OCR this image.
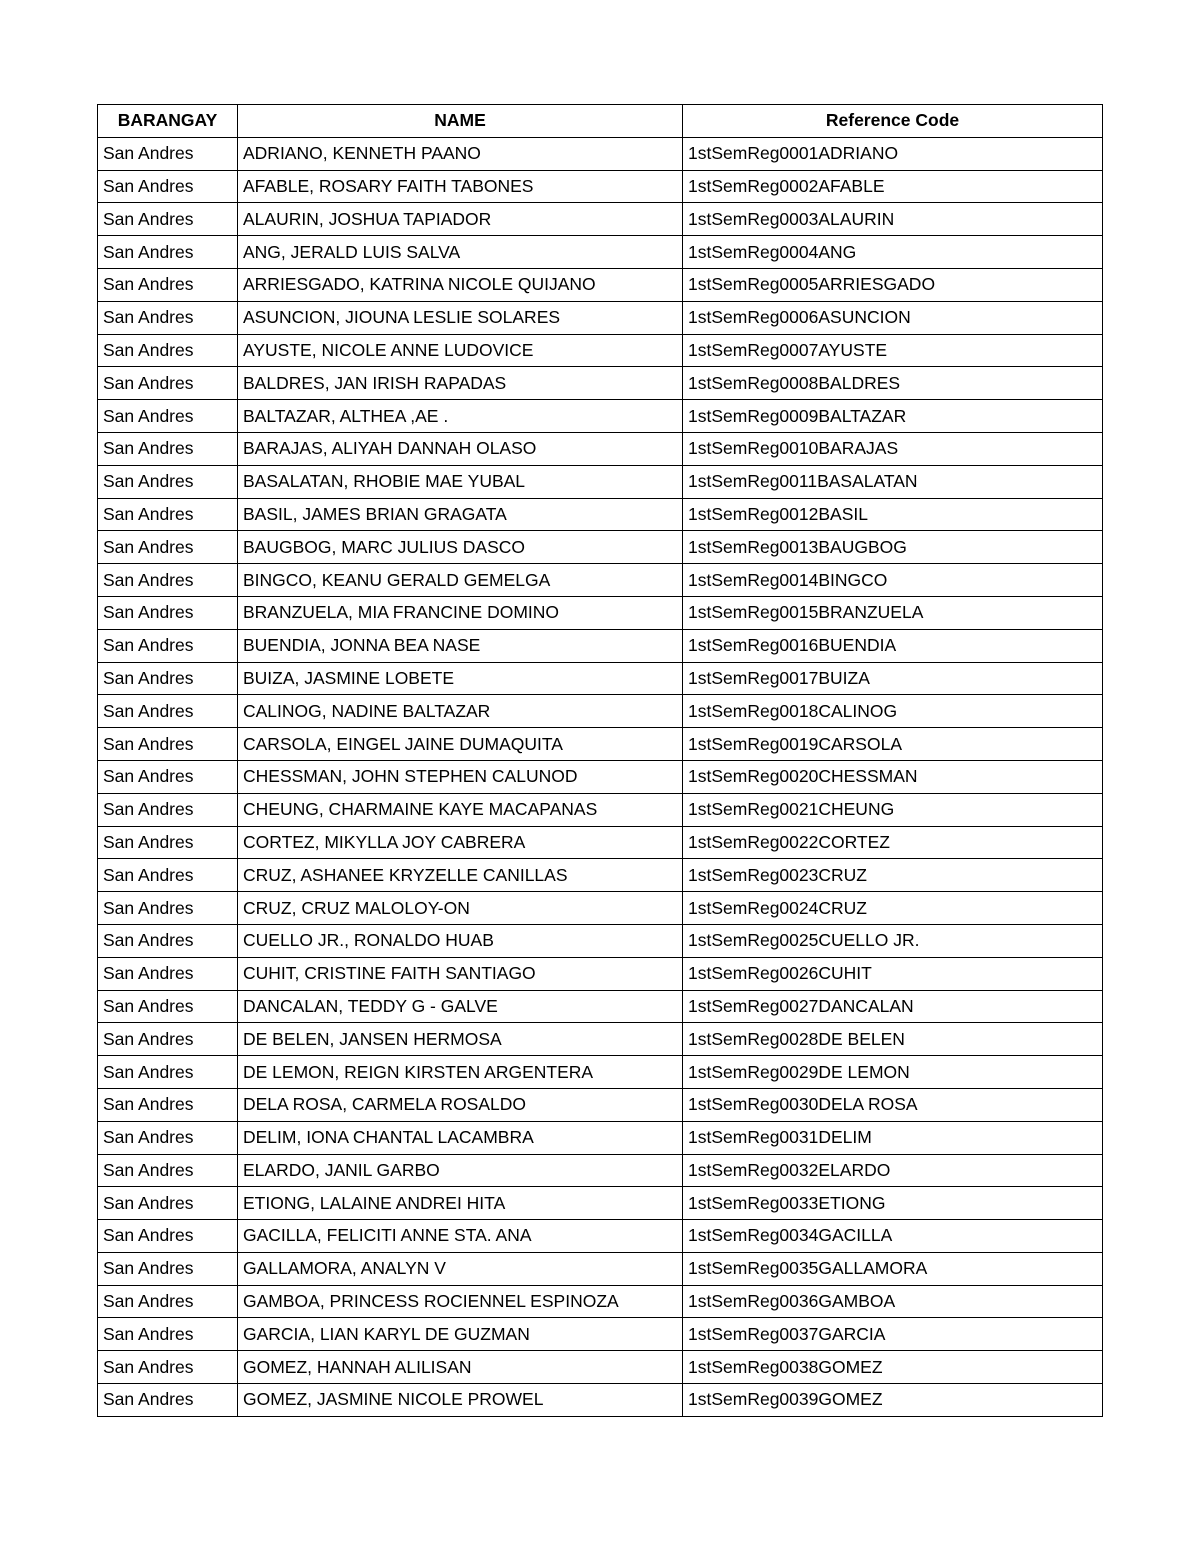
BARANGAY	NAME	Reference Code
San Andres	ADRIANO, KENNETH PAANO	1stSemReg0001ADRIANO
San Andres	AFABLE, ROSARY FAITH TABONES	1stSemReg0002AFABLE
San Andres	ALAURIN, JOSHUA TAPIADOR	1stSemReg0003ALAURIN
San Andres	ANG, JERALD LUIS SALVA	1stSemReg0004ANG
San Andres	ARRIESGADO, KATRINA NICOLE QUIJANO	1stSemReg0005ARRIESGADO
San Andres	ASUNCION, JIOUNA LESLIE SOLARES	1stSemReg0006ASUNCION
San Andres	AYUSTE, NICOLE ANNE LUDOVICE	1stSemReg0007AYUSTE
San Andres	BALDRES, JAN IRISH RAPADAS	1stSemReg0008BALDRES
San Andres	BALTAZAR, ALTHEA ,AE .	1stSemReg0009BALTAZAR
San Andres	BARAJAS, ALIYAH DANNAH OLASO	1stSemReg0010BARAJAS
San Andres	BASALATAN, RHOBIE MAE YUBAL	1stSemReg0011BASALATAN
San Andres	BASIL, JAMES BRIAN GRAGATA	1stSemReg0012BASIL
San Andres	BAUGBOG, MARC JULIUS DASCO	1stSemReg0013BAUGBOG
San Andres	BINGCO, KEANU GERALD GEMELGA	1stSemReg0014BINGCO
San Andres	BRANZUELA, MIA FRANCINE DOMINO	1stSemReg0015BRANZUELA
San Andres	BUENDIA, JONNA BEA NASE	1stSemReg0016BUENDIA
San Andres	BUIZA, JASMINE LOBETE	1stSemReg0017BUIZA
San Andres	CALINOG, NADINE BALTAZAR	1stSemReg0018CALINOG
San Andres	CARSOLA, EINGEL JAINE DUMAQUITA	1stSemReg0019CARSOLA
San Andres	CHESSMAN, JOHN STEPHEN CALUNOD	1stSemReg0020CHESSMAN
San Andres	CHEUNG, CHARMAINE KAYE MACAPANAS	1stSemReg0021CHEUNG
San Andres	CORTEZ, MIKYLLA JOY CABRERA	1stSemReg0022CORTEZ
San Andres	CRUZ, ASHANEE KRYZELLE CANILLAS	1stSemReg0023CRUZ
San Andres	CRUZ, CRUZ MALOLOY-ON	1stSemReg0024CRUZ
San Andres	CUELLO JR., RONALDO HUAB	1stSemReg0025CUELLO JR.
San Andres	CUHIT, CRISTINE FAITH SANTIAGO	1stSemReg0026CUHIT
San Andres	DANCALAN, TEDDY G - GALVE	1stSemReg0027DANCALAN
San Andres	DE BELEN, JANSEN HERMOSA	1stSemReg0028DE BELEN
San Andres	DE LEMON, REIGN KIRSTEN ARGENTERA	1stSemReg0029DE LEMON
San Andres	DELA ROSA, CARMELA ROSALDO	1stSemReg0030DELA ROSA
San Andres	DELIM, IONA CHANTAL LACAMBRA	1stSemReg0031DELIM
San Andres	ELARDO, JANIL GARBO	1stSemReg0032ELARDO
San Andres	ETIONG, LALAINE ANDREI HITA	1stSemReg0033ETIONG
San Andres	GACILLA, FELICITI ANNE STA. ANA	1stSemReg0034GACILLA
San Andres	GALLAMORA, ANALYN V	1stSemReg0035GALLAMORA
San Andres	GAMBOA, PRINCESS ROCIENNEL ESPINOZA	1stSemReg0036GAMBOA
San Andres	GARCIA, LIAN KARYL DE GUZMAN	1stSemReg0037GARCIA
San Andres	GOMEZ, HANNAH ALILISAN	1stSemReg0038GOMEZ
San Andres	GOMEZ, JASMINE NICOLE PROWEL	1stSemReg0039GOMEZ
